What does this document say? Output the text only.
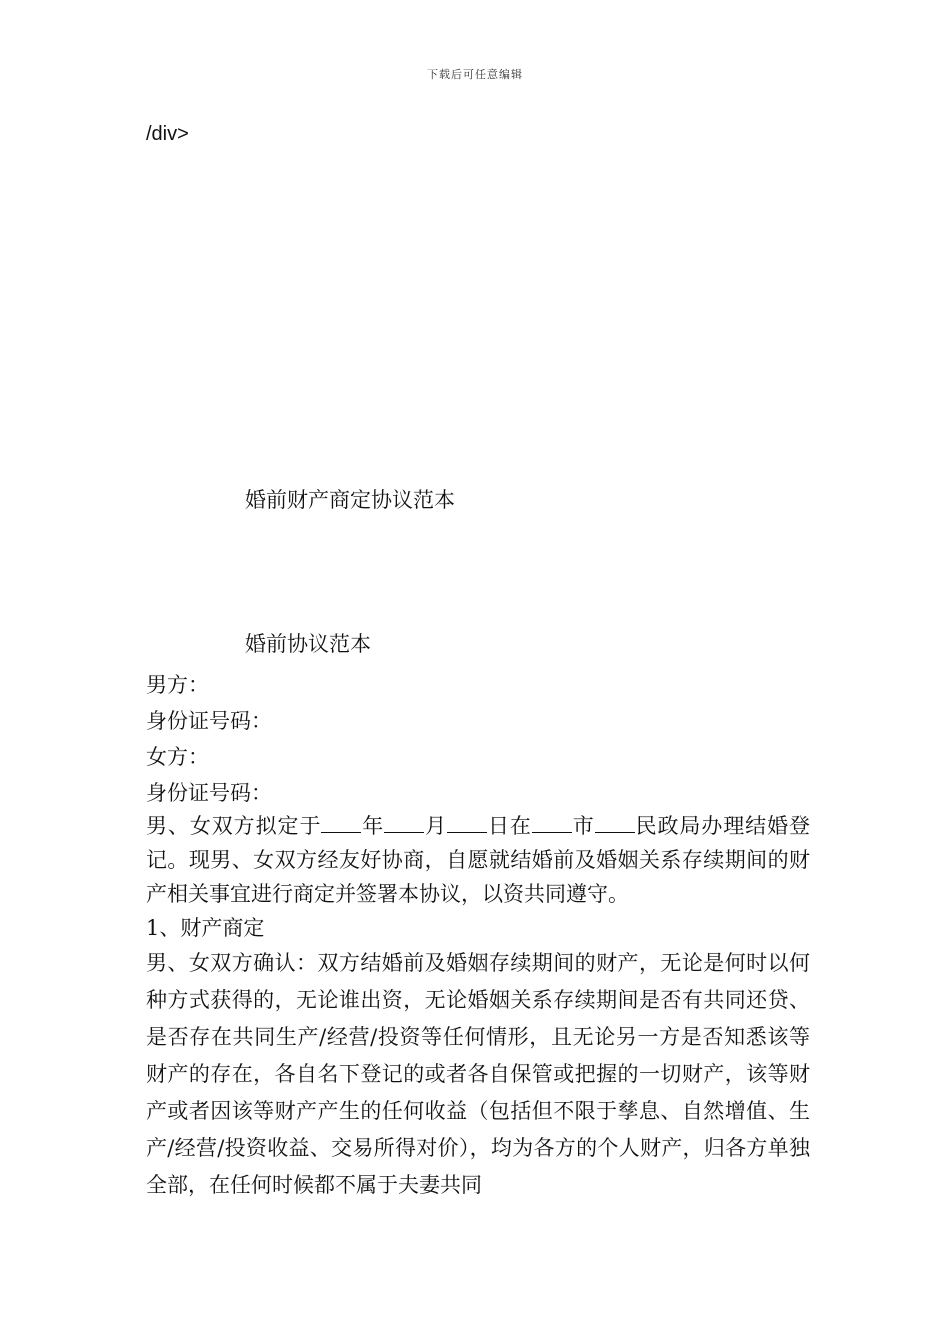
下载后可任意编辑
/div>
婚前财产商定协议范本
婚前协议范本
男方：
身份证号码：
女方：
身份证号码：

男、女双方拟定于 年 月 日在 市 民政局办理结婚登记。现男、女双方经友好协商，自愿就结婚前及婚姻关系存续期间的财产相关事宜进行商定并签署本协议，以资共同遵守。

1、财产商定

男、女双方确认：双方结婚前及婚姻存续期间的财产，无论是何时以何种方式获得的，无论谁出资，无论婚姻关系存续期间是否有共同还贷、是否存在共同生产/经营/投资等任何情形，且无论另一方是否知悉该等财产的存在，各自名下登记的或者各自保管或把握的一切财产，该等财产或者因该等财产产生的任何收益（包括但不限于孳息、自然增值、生产/经营/投资收益、交易所得对价），均为各方的个人财产，归各方单独全部，在任何时候都不属于夫妻共同
